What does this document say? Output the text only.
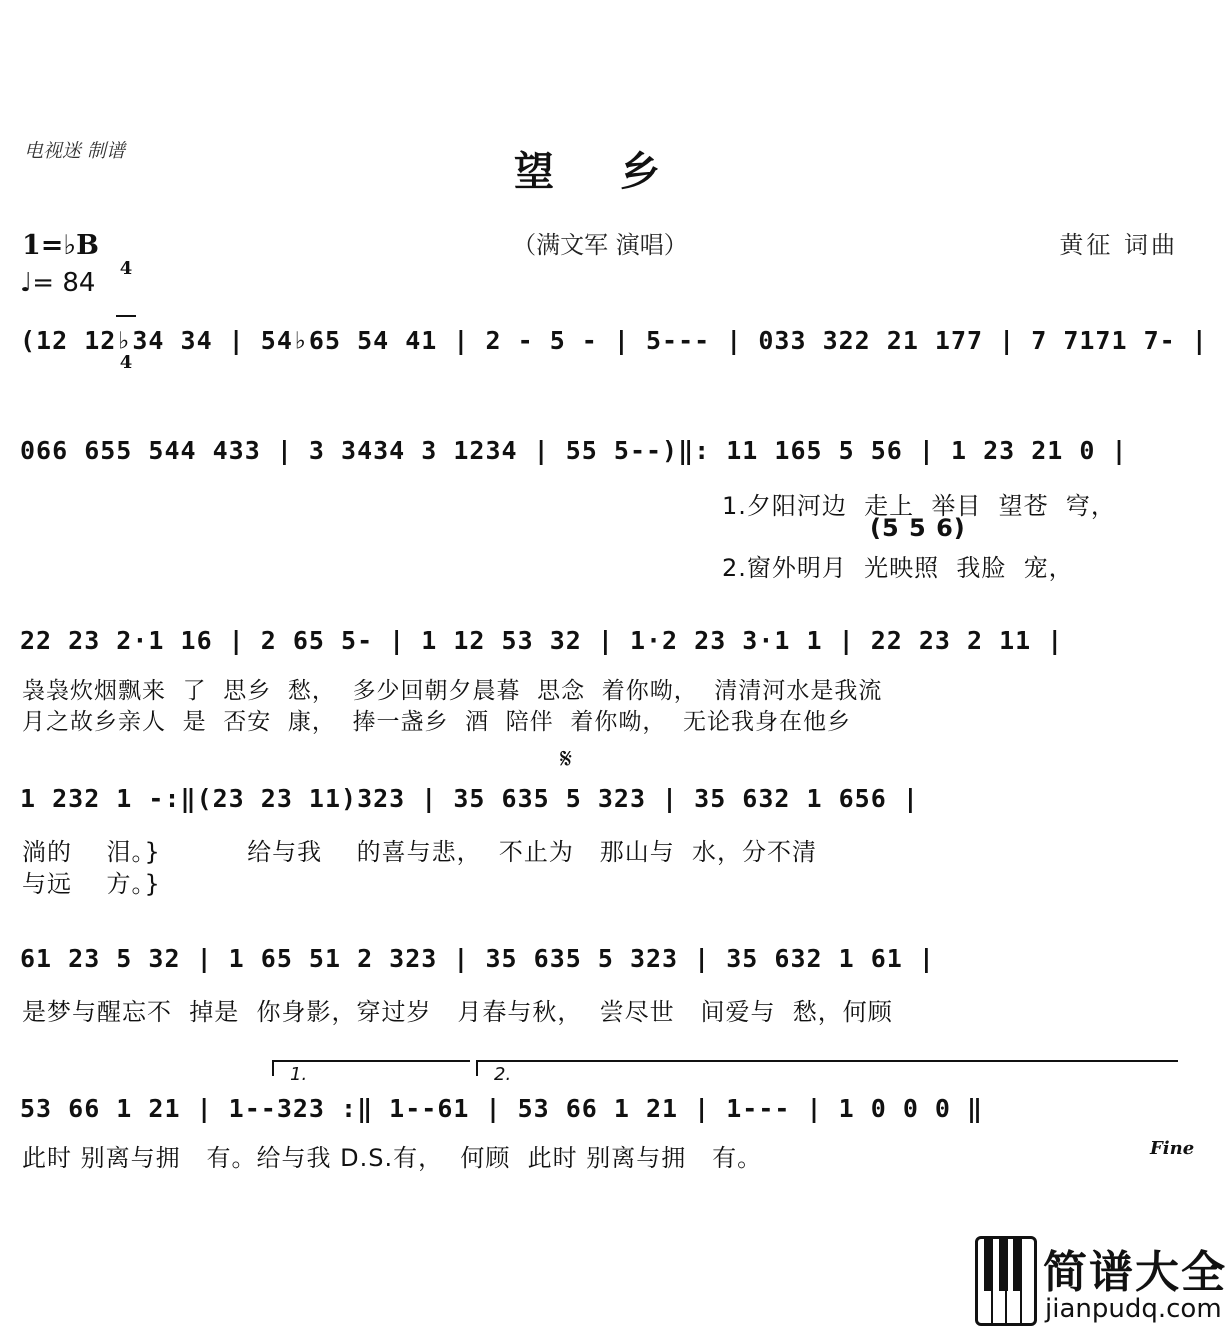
电视迷 制谱	望 乡
（满文军 演唱）	黄征 词曲
1=♭B

4

4

♩= 84
(12 12♭34 34 | 54♭65 54 41 | 2 - 5 - | 5--- | 033 322 21 177 | 7 7171 7- |
066 655 544 433 | 3 3434 3 1234 | 55 5--)‖: 11 165 5 56 | 1 23 21 0 |
1.夕阳河边  走上  举目  望苍  穹，
(5 5 6)
2.窗外明月  光映照  我脸  宠，
22 23 2·1 16 | 2 65 5- | 1 12 53 32 | 1·2 23 3·1 1 | 22 23 2 11 |
袅袅炊烟飘来  了  思乡  愁，  多少回朝夕晨暮  思念  着你呦，  清清河水是我流
月之故乡亲人  是  否安  康，  捧一盏乡  酒  陪伴  着你呦，  无论我身在他乡
𝄋
1 232 1 -:‖(23 23 11)323 | 35 635 5 323 | 35 632 1 656 |
淌的    泪。}          给与我    的喜与悲，  不止为   那山与  水，分不清
与远    方。}
61 23 5 32 | 1 65 51 2 323 | 35 635 5 323 | 35 632 1 61 |
是梦与醒忘不  掉是  你身影，穿过岁   月春与秋，  尝尽世   间爱与  愁，何顾
1.	2.
53 66 1 21 | 1--323 :‖ 1--61 | 53 66 1 21 | 1--- | 1 0 0 0 ‖
此时 别离与拥   有。给与我 D.S.有，  何顾  此时 别离与拥   有。	Fine

简谱大全

jianpudq.com
